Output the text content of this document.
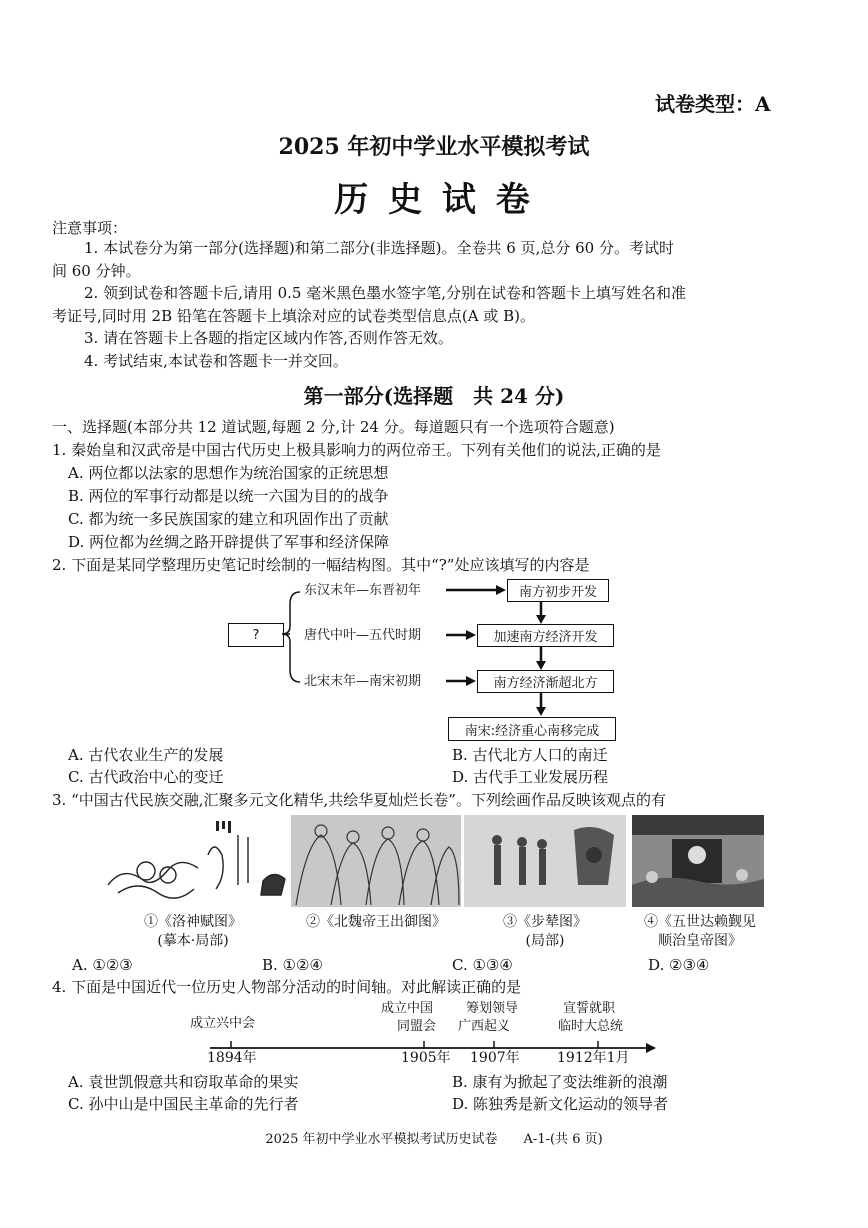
试卷类型：A
2025 年初中学业水平模拟考试
历 史 试 卷
注意事项：
1. 本试卷分为第一部分(选择题)和第二部分(非选择题)。全卷共 6 页,总分 60 分。考试时
间 60 分钟。
2. 领到试卷和答题卡后,请用 0.5 毫米黑色墨水签字笔,分别在试卷和答题卡上填写姓名和准
考证号,同时用 2B 铅笔在答题卡上填涂对应的试卷类型信息点(A 或 B)。
3. 请在答题卡上各题的指定区域内作答,否则作答无效。
4. 考试结束,本试卷和答题卡一并交回。
第一部分(选择题　共 24 分)
一、选择题(本部分共 12 道试题,每题 2 分,计 24 分。每道题只有一个选项符合题意)
1. 秦始皇和汉武帝是中国古代历史上极具影响力的两位帝王。下列有关他们的说法,正确的是
A. 两位都以法家的思想作为统治国家的正统思想
B. 两位的军事行动都是以统一六国为目的的战争
C. 都为统一多民族国家的建立和巩固作出了贡献
D. 两位都为丝绸之路开辟提供了军事和经济保障
2. 下面是某同学整理历史笔记时绘制的一幅结构图。其中“?”处应该填写的内容是
?
东汉末年—东晋初年
唐代中叶—五代时期
北宋末年—南宋初期
南方初步开发
加速南方经济开发
南方经济渐超北方
南宋:经济重心南移完成
A. 古代农业生产的发展	B. 古代北方人口的南迁
C. 古代政治中心的变迁	D. 古代手工业发展历程
3. “中国古代民族交融,汇聚多元文化精华,共绘华夏灿烂长卷”。下列绘画作品反映该观点的有
①《洛神赋图》
(摹本·局部)
②《北魏帝王出御图》	③《步辇图》
(局部)
④《五世达赖觐见
顺治皇帝图》
A. ①②③	B. ①②④	C. ①③④	D. ②③④
4. 下面是中国近代一位历史人物部分活动的时间轴。对此解读正确的是
成立兴中会
成立中国
同盟会
筹划领导
广西起义
宣誓就职
临时大总统
1894年	1905年 1907年	1912年1月
A. 袁世凯假意共和窃取革命的果实	B. 康有为掀起了变法维新的浪潮
C. 孙中山是中国民主革命的先行者	D. 陈独秀是新文化运动的领导者
2025 年初中学业水平模拟考试历史试卷　　A-1-(共 6 页)
